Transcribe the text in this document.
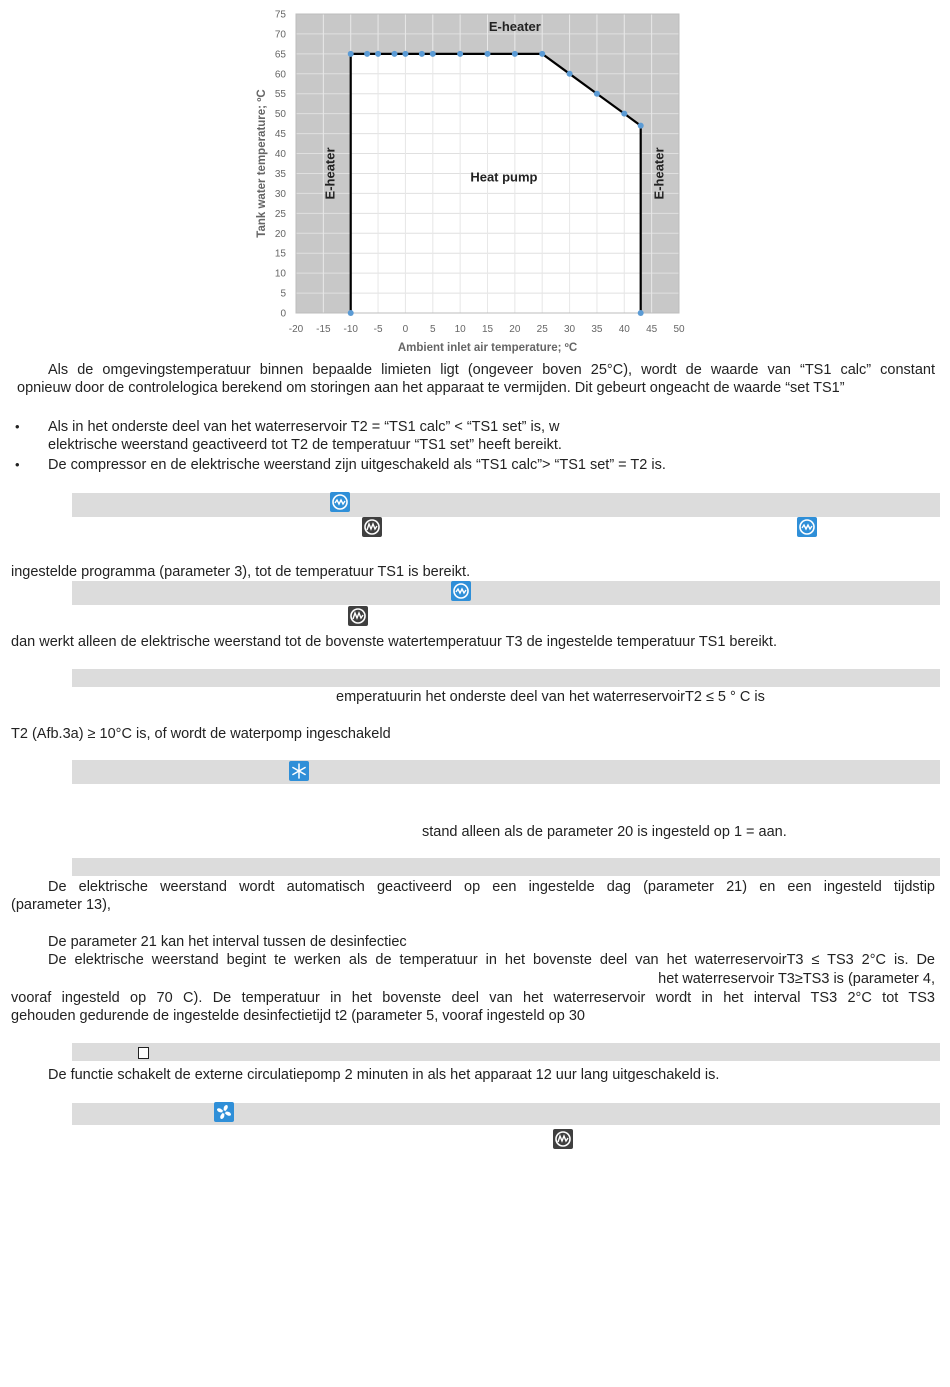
-20 -15 -10 -5 0 5 10 15 20 25 30 35 40 45 50
0
5
10
15
20
25
30
35
40
45
50
55
60
65
70
75
Ambient inlet air temperature; ºC
Tank water temperature; ºC
E-heater
Heat pump
E-heater	E-heater
Als de omgevingstemperatuur binnen bepaalde limieten ligt (ongeveer boven 25°C), wordt de waarde van “TS1 calc” constant
opnieuw door de controlelogica berekend om storingen aan het apparaat te vermijden. Dit gebeurt ongeacht de waarde “set TS1”
• Als in het onderste deel van het waterreservoir T2 = “TS1 calc” < “TS1 set” is, w
elektrische weerstand geactiveerd tot T2 de temperatuur “TS1 set” heeft bereikt.
• De compressor en de elektrische weerstand zijn uitgeschakeld als “TS1 calc”> “TS1 set” = T2 is.
ingestelde programma (parameter 3), tot de temperatuur TS1 is bereikt.
dan werkt alleen de elektrische weerstand tot de bovenste watertemperatuur T3 de ingestelde temperatuur TS1 bereikt.
emperatuurin het onderste deel van het waterreservoirT2 ≤ 5 ° C is
T2 (Afb.3a) ≥ 10°C is, of wordt de waterpomp ingeschakeld
stand alleen als de parameter 20 is ingesteld op 1 = aan.
De elektrische weerstand wordt automatisch geactiveerd op een ingestelde dag (parameter 21) en een ingesteld tijdstip
(parameter 13),
De parameter 21 kan het interval tussen de desinfectiec
De elektrische weerstand begint te werken als de temperatuur in het bovenste deel van het waterreservoirT3 ≤ TS3 2°C is. De
het waterreservoir T3≥TS3 is (parameter 4,
vooraf ingesteld op 70 C). De temperatuur in het bovenste deel van het waterreservoir wordt in het interval TS3 2°C tot TS3
gehouden gedurende de ingestelde desinfectietijd t2 (parameter 5, vooraf ingesteld op 30
De functie schakelt de externe circulatiepomp 2 minuten in als het apparaat 12 uur lang uitgeschakeld is.
